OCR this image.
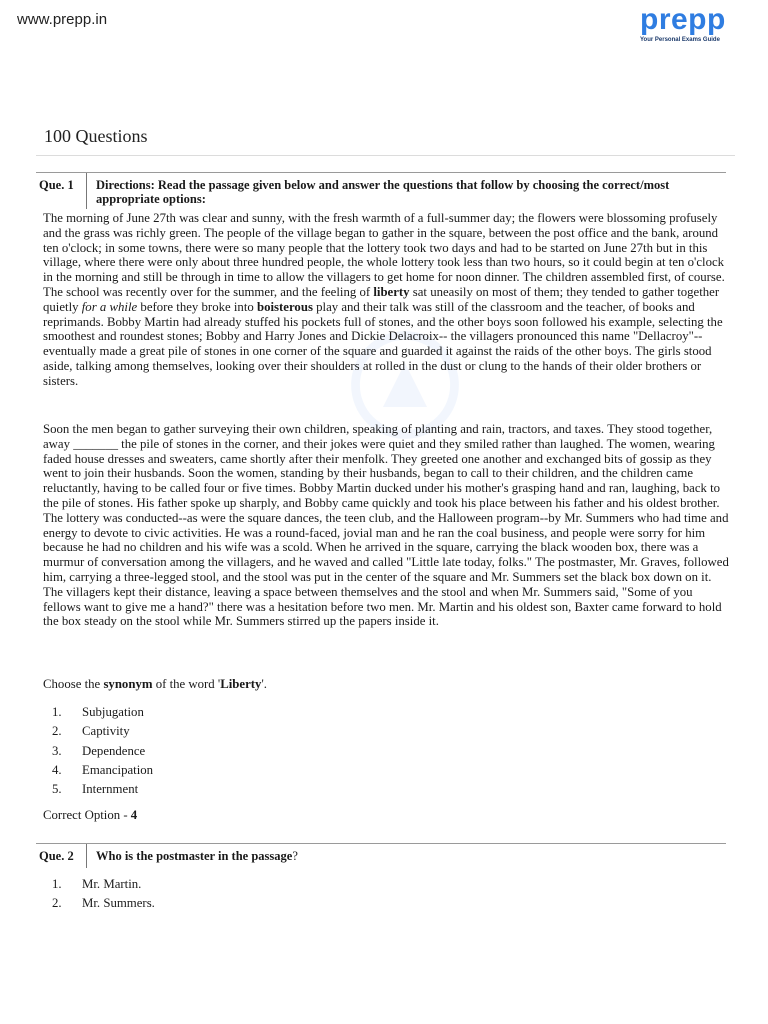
www.prepp.in	prepp
Your Personal Exams Guide
100 Questions
Que. 1 Directions: Read the passage given below and answer the questions that follow by choosing the correct/most appropriate options:

The morning of June 27th was clear and sunny, with the fresh warmth of a full-summer day; the flowers were blossoming profusely and the grass was richly green. The people of the village began to gather in the square, between the post office and the bank, around ten o'clock; in some towns, there were so many people that the lottery took two days and had to be started on June 27th but in this village, where there were only about three hundred people, the whole lottery took less than two hours, so it could begin at ten o'clock in the morning and still be through in time to allow the villagers to get home for noon dinner. The children assembled first, of course. The school was recently over for the summer, and the feeling of liberty sat uneasily on most of them; they tended to gather together quietly for a while before they broke into boisterous play and their talk was still of the classroom and the teacher, of books and reprimands. Bobby Martin had already stuffed his pockets full of stones, and the other boys soon followed his example, selecting the smoothest and roundest stones; Bobby and Harry Jones and Dickie Delacroix-- the villagers pronounced this name "Dellacroy"--eventually made a great pile of stones in one corner of the square and guarded it against the raids of the other boys. The girls stood aside, talking among themselves, looking over their shoulders at rolled in the dust or clung to the hands of their older brothers or sisters.

Soon the men began to gather surveying their own children, speaking of planting and rain, tractors, and taxes. They stood together, away _______ the pile of stones in the corner, and their jokes were quiet and they smiled rather than laughed. The women, wearing faded house dresses and sweaters, came shortly after their menfolk. They greeted one another and exchanged bits of gossip as they went to join their husbands. Soon the women, standing by their husbands, began to call to their children, and the children came reluctantly, having to be called four or five times. Bobby Martin ducked under his mother's grasping hand and ran, laughing, back to the pile of stones. His father spoke up sharply, and Bobby came quickly and took his place between his father and his oldest brother. The lottery was conducted--as were the square dances, the teen club, and the Halloween program--by Mr. Summers who had time and energy to devote to civic activities. He was a round-faced, jovial man and he ran the coal business, and people were sorry for him because he had no children and his wife was a scold. When he arrived in the square, carrying the black wooden box, there was a murmur of conversation among the villagers, and he waved and called "Little late today, folks." The postmaster, Mr. Graves, followed him, carrying a three-legged stool, and the stool was put in the center of the square and Mr. Summers set the black box down on it. The villagers kept their distance, leaving a space between themselves and the stool and when Mr. Summers said, "Some of you fellows want to give me a hand?" there was a hesitation before two men. Mr. Martin and his oldest son, Baxter came forward to hold the box steady on the stool while Mr. Summers stirred up the papers inside it.

Choose the synonym of the word 'Liberty'.
1. Subjugation
2. Captivity
3. Dependence
4. Emancipation
5. Internment
Correct Option - 4
Que. 2 Who is the postmaster in the passage?
1. Mr. Martin.
2. Mr. Summers.
